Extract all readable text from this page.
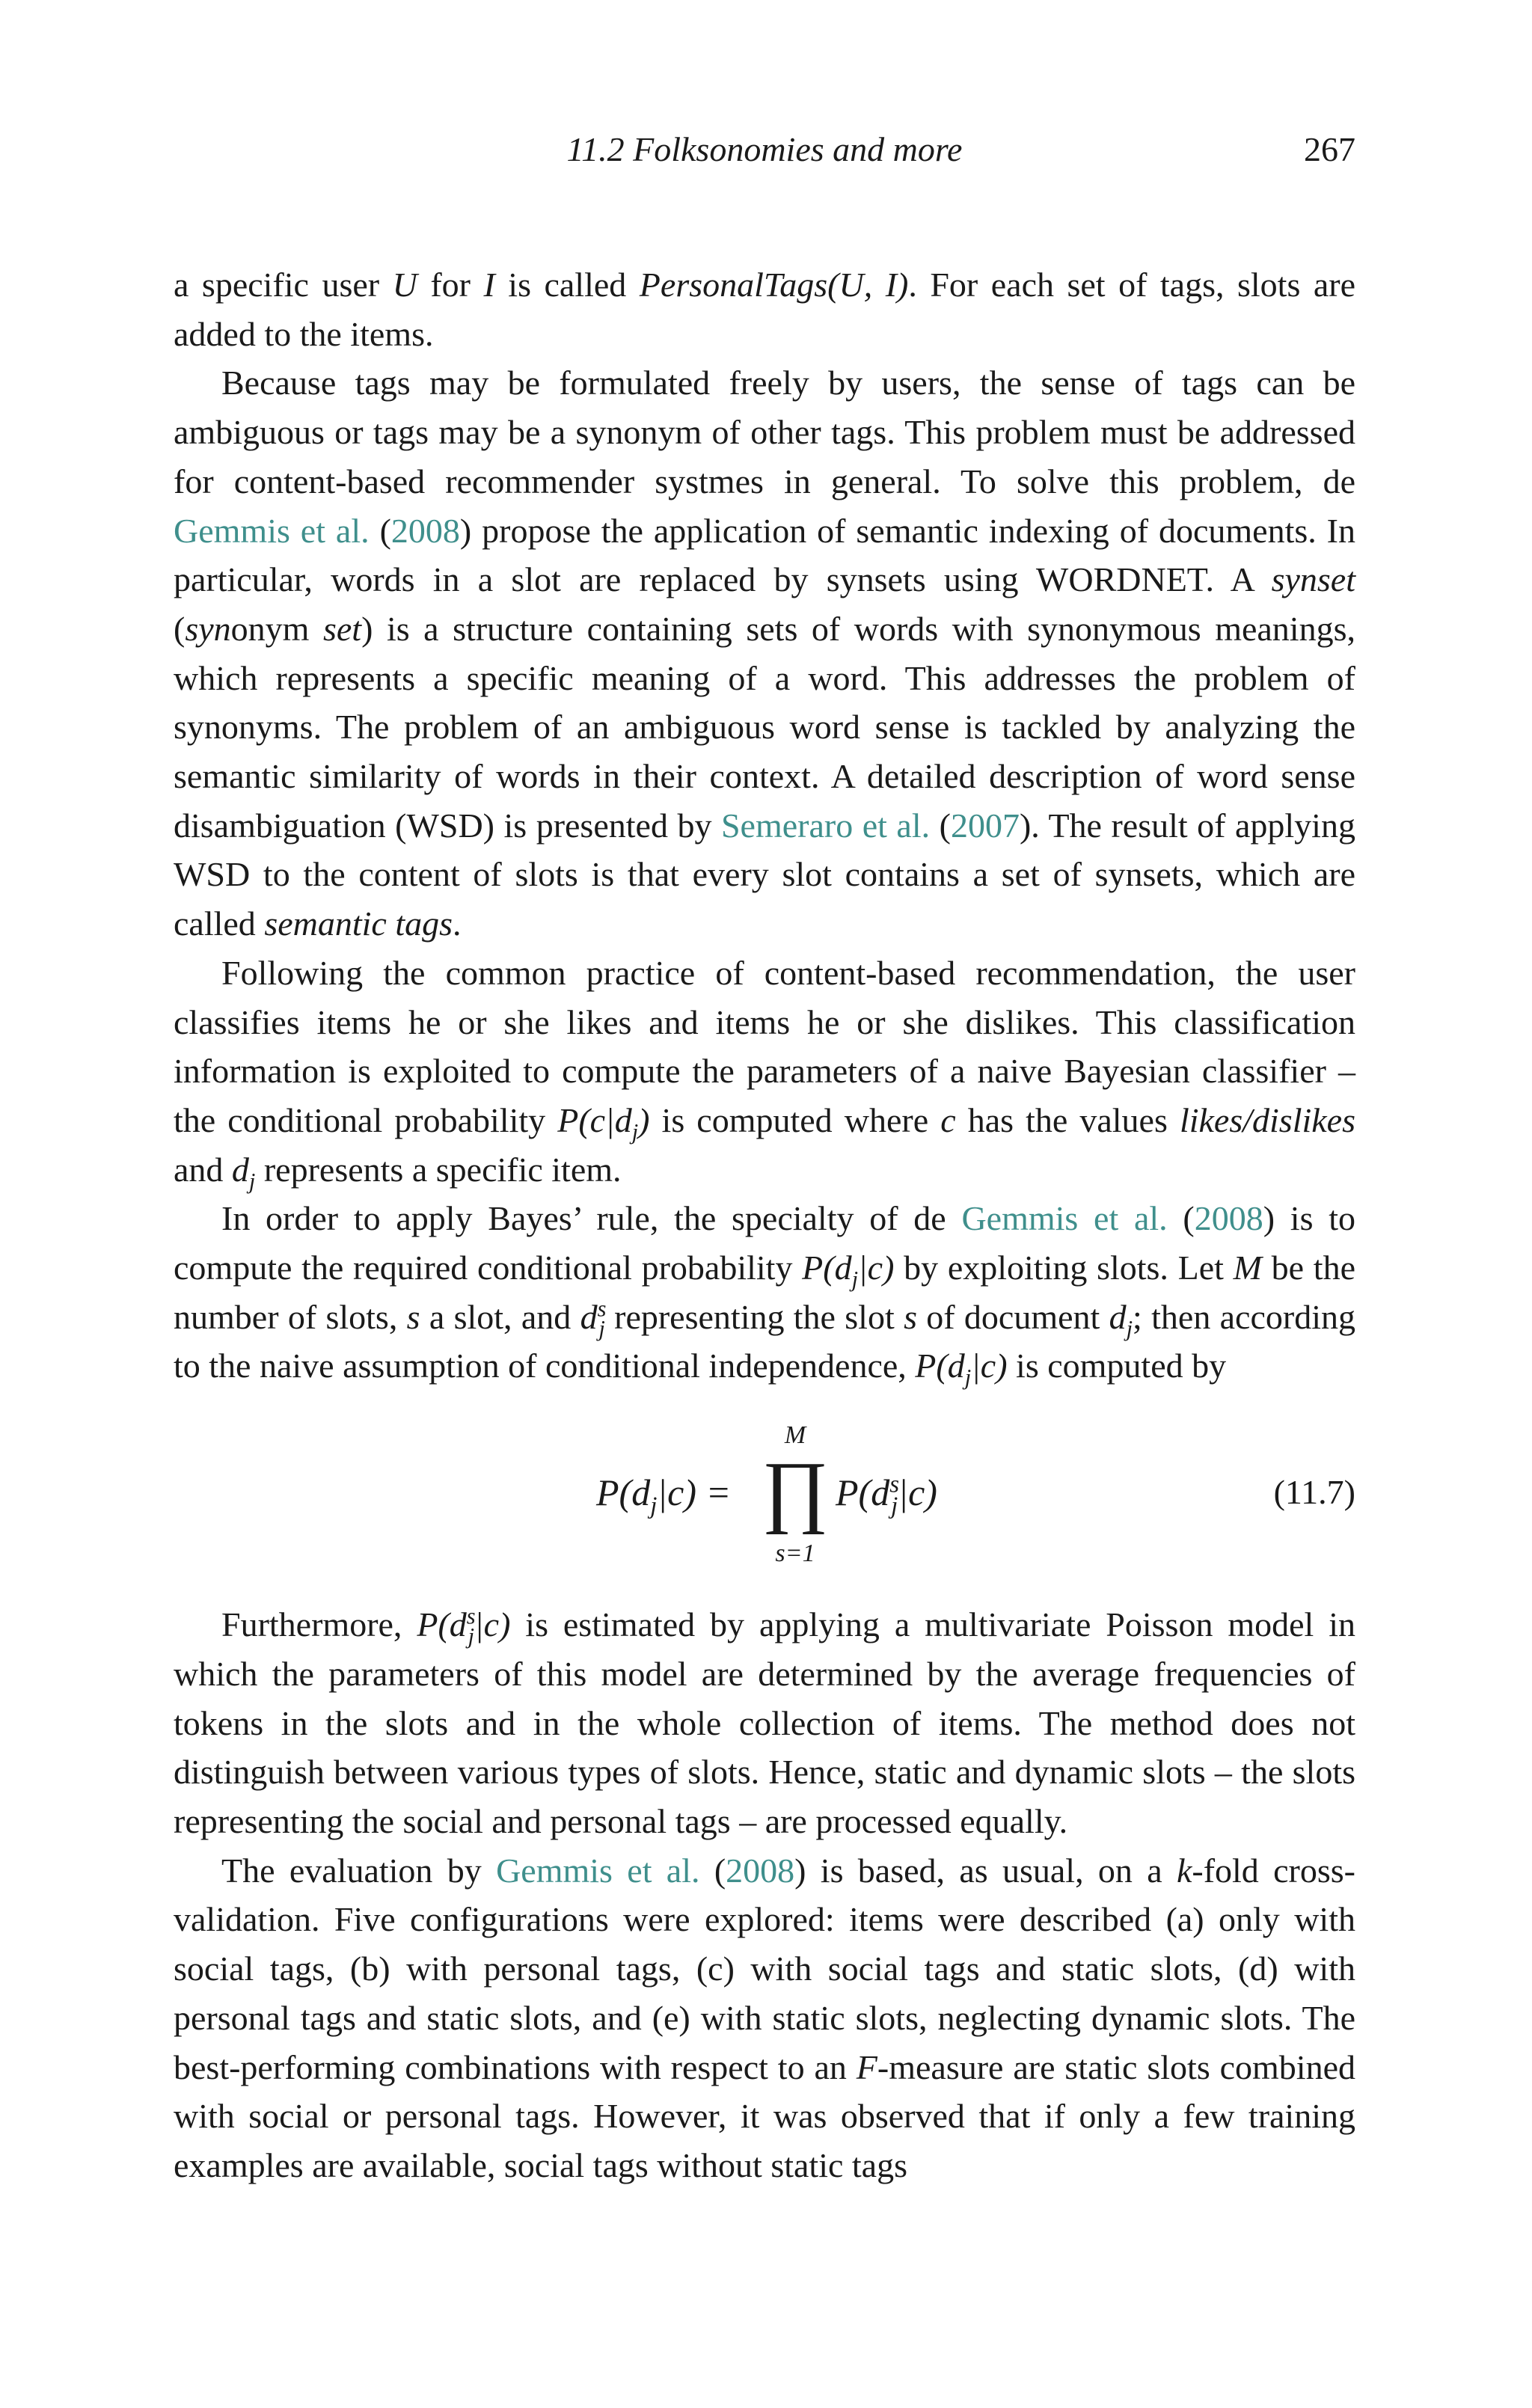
11.2 Folksonomies and more	267

a specific user U for I is called PersonalTags(U, I). For each set of tags, slots are added to the items.

Because tags may be formulated freely by users, the sense of tags can be ambiguous or tags may be a synonym of other tags. This problem must be addressed for content-based recommender systmes in general. To solve this problem, de Gemmis et al. (2008) propose the application of semantic indexing of documents. In particular, words in a slot are replaced by synsets using WORDNET. A synset (synonym set) is a structure containing sets of words with synonymous meanings, which represents a specific meaning of a word. This addresses the problem of synonyms. The problem of an ambiguous word sense is tackled by analyzing the semantic similarity of words in their context. A detailed description of word sense disambiguation (WSD) is presented by Semeraro et al. (2007). The result of applying WSD to the content of slots is that every slot contains a set of synsets, which are called semantic tags.

Following the common practice of content-based recommendation, the user classifies items he or she likes and items he or she dislikes. This classification information is exploited to compute the parameters of a naive Bayesian classifier – the conditional probability $P(c|d_j)$ is computed where c has the values likes/dislikes and $d_j$ represents a specific item.

In order to apply Bayes’ rule, the specialty of de Gemmis et al. (2008) is to compute the required conditional probability $P(d_j|c)$ by exploiting slots. Let M be the number of slots, s a slot, and $d^s_j$ representing the slot s of document $d_j$; then according to the naive assumption of conditional independence, $P(d_j|c)$ is computed by

$P(d_j|c)$ =
M
∏
s=1
$P(d^s_j|c)$	(11.7)

Furthermore, $P(d^s_j|c)$ is estimated by applying a multivariate Poisson model in which the parameters of this model are determined by the average frequencies of tokens in the slots and in the whole collection of items. The method does not distinguish between various types of slots. Hence, static and dynamic slots – the slots representing the social and personal tags – are processed equally.

The evaluation by Gemmis et al. (2008) is based, as usual, on a k-fold cross-validation. Five configurations were explored: items were described (a) only with social tags, (b) with personal tags, (c) with social tags and static slots, (d) with personal tags and static slots, and (e) with static slots, neglecting dynamic slots. The best-performing combinations with respect to an F-measure are static slots combined with social or personal tags. However, it was observed that if only a few training examples are available, social tags without static tags
